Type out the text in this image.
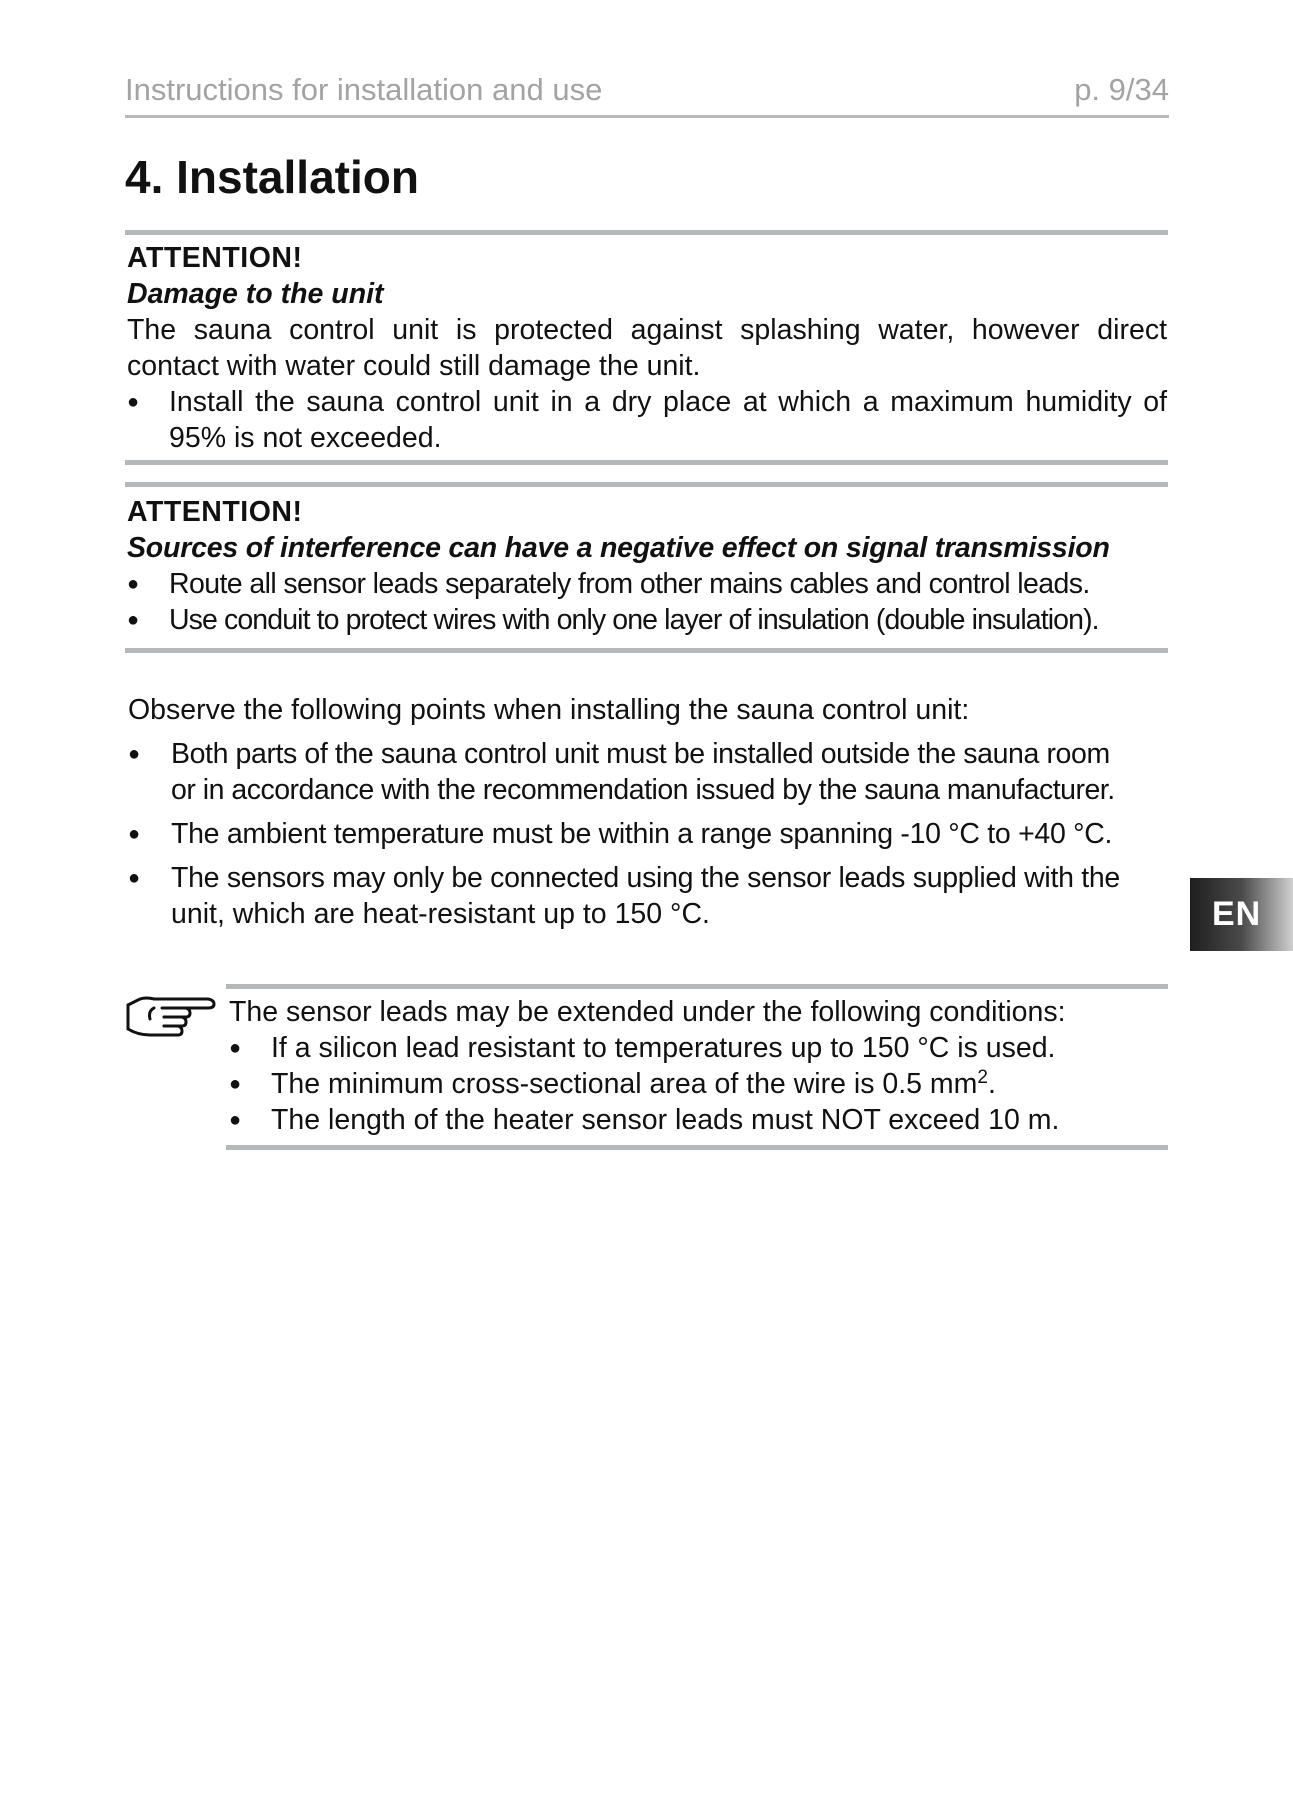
Instructions for installation and use	p. 9/34
4. Installation
ATTENTION!
Damage to the unit
The sauna control unit is protected against splashing water, however direct
contact with water could still damage the unit.
●	Install the sauna control unit in a dry place at which a maximum humidity of
95% is not exceeded.
ATTENTION!
Sources of interference can have a negative effect on signal transmission
●	Route all sensor leads separately from other mains cables and control leads.
●	Use conduit to protect wires with only one layer of insulation (double insulation).
Observe the following points when installing the sauna control unit:
●	Both parts of the sauna control unit must be installed outside the sauna room
or in accordance with the recommendation issued by the sauna manufacturer.
●	The ambient temperature must be within a range spanning -10 °C to +40 °C.
●	The sensors may only be connected using the sensor leads supplied with the
unit, which are heat-resistant up to 150 °C.	EN
The sensor leads may be extended under the following conditions:
●	If a silicon lead resistant to temperatures up to 150 °C is used.
●	The minimum cross-sectional area of the wire is 0.5 $mm^2$.
●	The length of the heater sensor leads must NOT exceed 10 m.
